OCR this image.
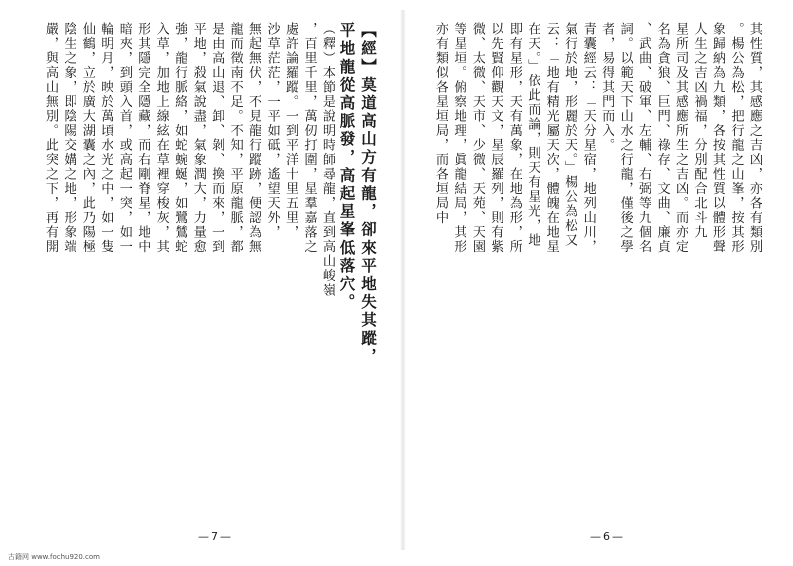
【經】莫道高山方有龍，卻來平地失其蹤，
平地龍從高脈發，高起星峯低落穴。
（釋）本節是說明時師尋龍，直到高山峻嶺
，百里千里，萬仞打圍，星羣嘉落之
處許論羅蹤。一到平洋十里五里，
沙草茫茫，一平如砥，遙望天外，
無起無伏，不見龍行蹤跡，便認為無
龍而徵南不足。不知，平原龍脈，都
是由高山退、卸、剝、換而來，一到
平地，殺氣說盡，氣象潤大，力量愈
強，龍行脈絡，如蛇蜿蜒，如鷺鷥蛇
入草，加地上線絃在草裡穿梭灰，其
形其隱完全隱藏，而右剛脊星，地中
暗夾，到頭入首，或高起一突，如一
輪明月，映於萬頃水光之中，如一隻
仙鶴，立於廣大湖囊之內，此乃陽極
陰生之象，即陰陽交媾之地，形象端
嚴，與高山無別。此突之下，再有開	其性質，其感應之吉凶，亦各有類別
。楊公為松，把行龍之山峯，按其形
象歸納為九類，各按其性質以體形聲
人生之吉凶禍福，分別配合北斗九
星所司及其感應所生之吉凶。而亦定
名為貪狼、巨門、祿存、文曲、廉貞
、武曲、破軍、左輔、右弼等九個名
詞。以範天下山水之行龍，僅後之學
者，易得其門而入。
青囊經云：「天分星宿，地列山川，
氣行於地，形麗於天。」楊公為松又
云：「地有精光屬天次，體魄在地星
在天。」依此而論，則天有星光，地
即有星形，天有萬象，在地為形，所
以先賢仰觀天文，星辰羅列，則有紫
微、太微、天市、少微、天苑、天園
等星垣。俯察地理，眞龍結局，其形
亦有類似各星垣局，而各垣局中
—7—	—6—
古籍网 www.fochu920.com
